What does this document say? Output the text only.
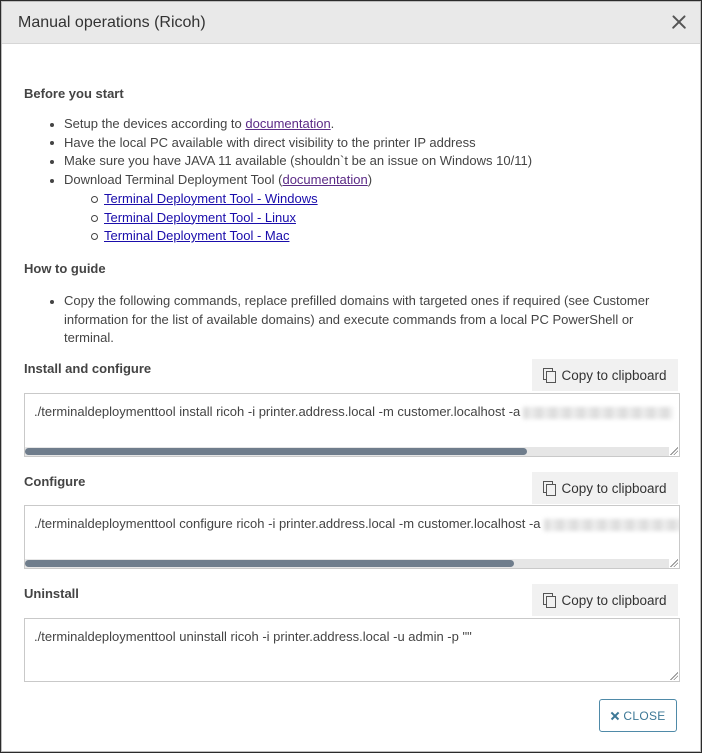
Manual operations (Ricoh)
Before you start
Setup the devices according to documentation.
Have the local PC available with direct visibility to the printer IP address
Make sure you have JAVA 11 available (shouldn`t be an issue on Windows 10/11)
Download Terminal Deployment Tool (documentation)
Terminal Deployment Tool - Windows
Terminal Deployment Tool - Linux
Terminal Deployment Tool - Mac
How to guide
Copy the following commands, replace prefilled domains with targeted ones if required (see Customer information for the list of available domains) and execute commands from a local PC PowerShell or terminal.
Install and configure	Copy to clipboard
./terminaldeploymenttool install ricoh -i printer.address.local -m customer.localhost -a
Configure	Copy to clipboard
./terminaldeploymenttool configure ricoh -i printer.address.local -m customer.localhost -a
Uninstall	Copy to clipboard
./terminaldeploymenttool uninstall ricoh -i printer.address.local -u admin -p ""
CLOSE
